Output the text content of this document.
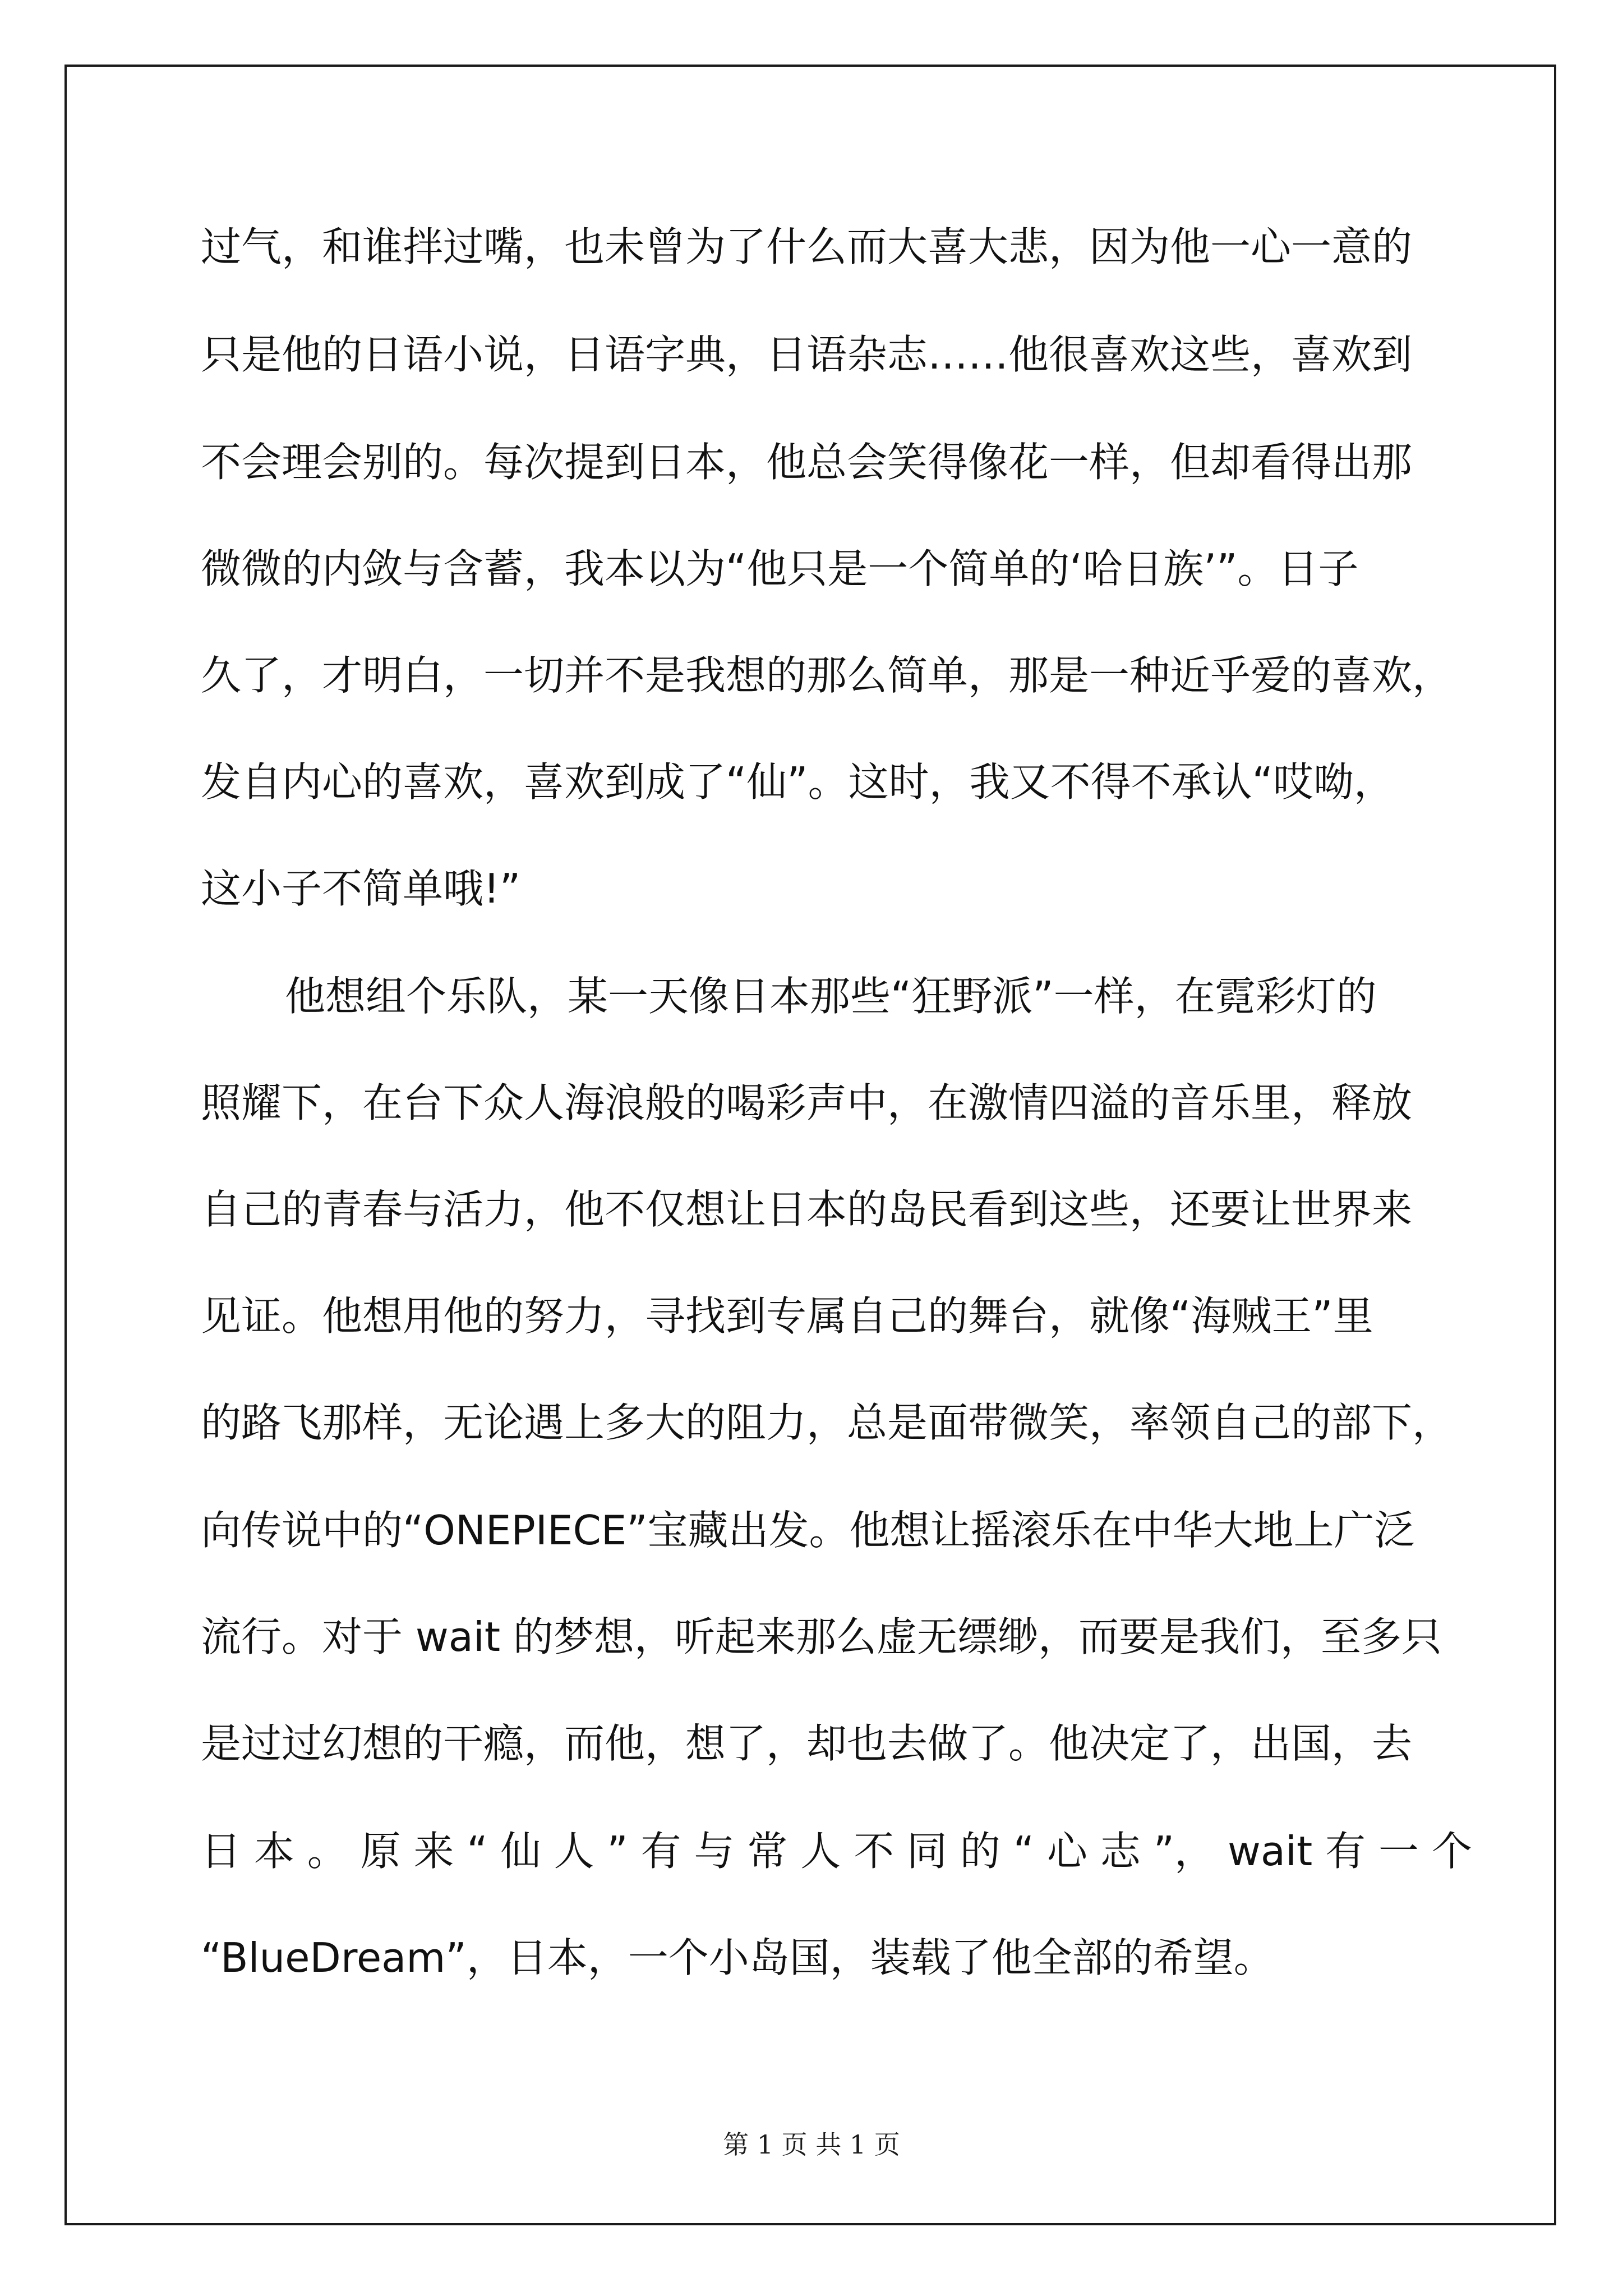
过气，和谁拌过嘴，也未曾为了什么而大喜大悲，因为他一心一意的
只是他的日语小说，日语字典，日语杂志……他很喜欢这些，喜欢到
不会理会别的。每次提到日本，他总会笑得像花一样，但却看得出那
微微的内敛与含蓄，我本以为“他只是一个简单的‘哈日族’”。日子
久了，才明白，一切并不是我想的那么简单，那是一种近乎爱的喜欢，
发自内心的喜欢，喜欢到成了“仙”。这时，我又不得不承认“哎呦，
这小子不简单哦!”
他想组个乐队，某一天像日本那些“狂野派”一样，在霓彩灯的
照耀下，在台下众人海浪般的喝彩声中，在激情四溢的音乐里，释放
自己的青春与活力，他不仅想让日本的岛民看到这些，还要让世界来
见证。他想用他的努力，寻找到专属自己的舞台，就像“海贼王”里
的路飞那样，无论遇上多大的阻力，总是面带微笑，率领自己的部下，
向传说中的“ONEPIECE”宝藏出发。他想让摇滚乐在中华大地上广泛
流行。对于 wait 的梦想，听起来那么虚无缥缈，而要是我们，至多只
是过过幻想的干瘾，而他，想了，却也去做了。他决定了，出国，去
日 本 。 原 来 “ 仙 人 ” 有 与 常 人 不 同 的 “ 心 志 ”， wait 有 一 个
“BlueDream”，日本，一个小岛国，装载了他全部的希望。
第 1 页 共 1 页
